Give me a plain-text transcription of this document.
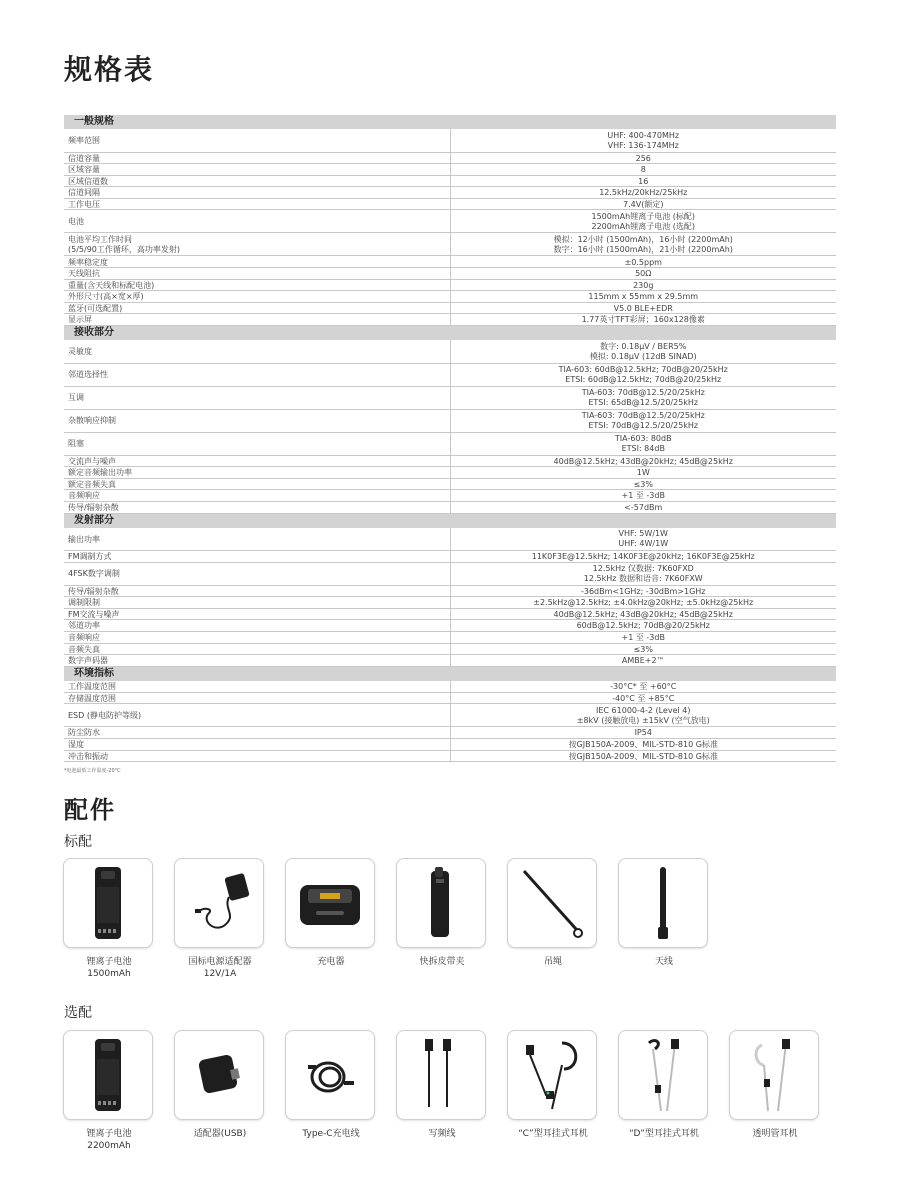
规格表
一般规格	
频率范围	UHF: 400-470MHz
VHF: 136-174MHz
信道容量	256
区域容量	8
区域信道数	16
信道间隔	12.5kHz/20kHz/25kHz
工作电压	7.4V(额定)
电池	1500mAh锂离子电池 (标配)
2200mAh锂离子电池 (选配)
电池平均工作时间
(5/5/90工作循环，高功率发射)	模拟：12小时 (1500mAh)，16小时 (2200mAh)
数字：16小时 (1500mAh)，21小时 (2200mAh)
频率稳定度	±0.5ppm
天线阻抗	50Ω
重量(含天线和标配电池)	230g
外形尺寸(高×宽×厚)	115mm x 55mm x 29.5mm
蓝牙(可选配置)	V5.0 BLE+EDR
显示屏	1.77英寸TFT彩屏；160x128像素
接收部分	
灵敏度	数字: 0.18μV / BER5%
模拟: 0.18μV (12dB SINAD)
邻道选择性	TIA-603: 60dB@12.5kHz; 70dB@20/25kHz
ETSI: 60dB@12.5kHz; 70dB@20/25kHz
互调	TIA-603: 70dB@12.5/20/25kHz
ETSI: 65dB@12.5/20/25kHz
杂散响应抑制	TIA-603: 70dB@12.5/20/25kHz
ETSI: 70dB@12.5/20/25kHz
阻塞	TIA-603: 80dB
ETSI: 84dB
交流声与噪声	40dB@12.5kHz; 43dB@20kHz; 45dB@25kHz
额定音频输出功率	1W
额定音频失真	≤3%
音频响应	+1 至 -3dB
传导/辐射杂散	<-57dBm
发射部分	
输出功率	VHF: 5W/1W
UHF: 4W/1W
FM调制方式	11K0F3E@12.5kHz; 14K0F3E@20kHz; 16K0F3E@25kHz
4FSK数字调制	12.5kHz 仅数据: 7K60FXD
12.5kHz 数据和语音: 7K60FXW
传导/辐射杂散	-36dBm<1GHz; -30dBm>1GHz
调制限制	±2.5kHz@12.5kHz; ±4.0kHz@20kHz; ±5.0kHz@25kHz
FM交流与噪声	40dB@12.5kHz; 43dB@20kHz; 45dB@25kHz
邻道功率	60dB@12.5kHz; 70dB@20/25kHz
音频响应	+1 至 -3dB
音频失真	≤3%
数字声码器	AMBE+2™
环境指标	
工作温度范围	-30°C* 至 +60°C
存储温度范围	-40°C 至 +85°C
ESD (静电防护等级)	IEC 61000-4-2 (Level 4)
±8kV (接触放电) ±15kV (空气放电)
防尘防水	IP54
湿度	按GJB150A-2009、MIL-STD-810 G标准
冲击和振动	按GJB150A-2009、MIL-STD-810 G标准
*电池最低工作温度-20°C
配件
标配
选配
锂离子电池
1500mAh
国标电源适配器
12V/1A
充电器	快拆皮带夹	吊绳	天线
锂离子电池
2200mAh
适配器(USB)	Type-C充电线	写频线	“C”型耳挂式耳机	“D”型耳挂式耳机	透明管耳机
